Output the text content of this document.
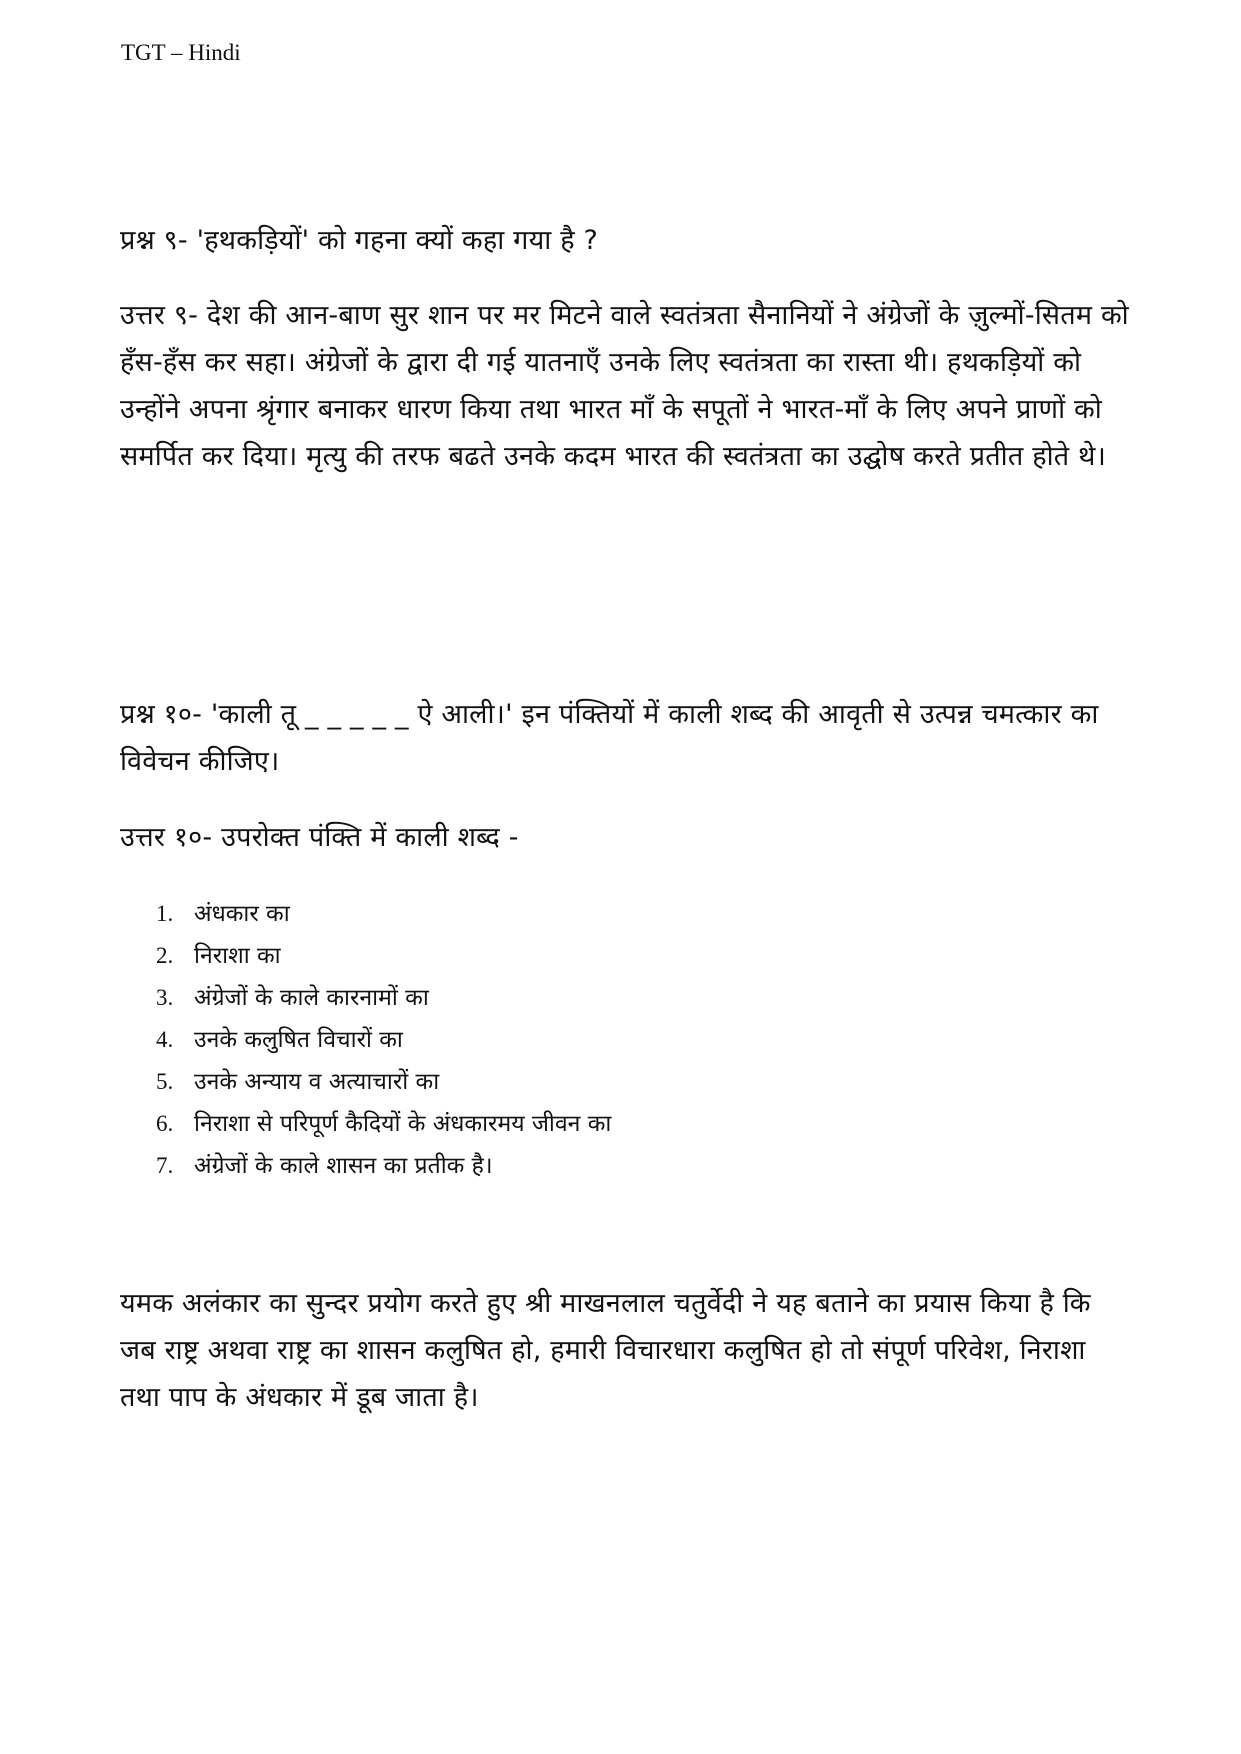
TGT – Hindi

प्रश्न ९- 'हथकड़ियों' को गहना क्यों कहा गया है ?

उत्तर ९- देश की आन-बाण सुर शान पर मर मिटने वाले स्वतंत्रता सैनानियों ने अंग्रेजों के ज़ुल्मों-सितम को हँस-हँस कर सहा। अंग्रेजों के द्वारा दी गई यातनाएँ उनके लिए स्वतंत्रता का रास्ता थी। हथकड़ियों को उन्होंने अपना श्रृंगार बनाकर धारण किया तथा भारत माँ के सपूतों ने भारत-माँ के लिए अपने प्राणों को समर्पित कर दिया। मृत्यु की तरफ बढते उनके कदम भारत की स्वतंत्रता का उद्घोष करते प्रतीत होते थे।

प्रश्न १०- 'काली तू _ _ _ _ _ ऐ आली।' इन पंक्तियों में काली शब्द की आवृती से उत्पन्न चमत्कार का विवेचन कीजिए।

उत्तर १०- उपरोक्त पंक्ति में काली शब्द -

1. अंधकार का
2. निराशा का
3. अंग्रेजों के काले कारनामों का
4. उनके कलुषित विचारों का
5. उनके अन्याय व अत्याचारों का
6. निराशा से परिपूर्ण कैदियों के अंधकारमय जीवन का
7. अंग्रेजों के काले शासन का प्रतीक है।

यमक अलंकार का सुन्दर प्रयोग करते हुए श्री माखनलाल चतुर्वेदी ने यह बताने का प्रयास किया है कि जब राष्ट्र अथवा राष्ट्र का शासन कलुषित हो, हमारी विचारधारा कलुषित हो तो संपूर्ण परिवेश, निराशा तथा पाप के अंधकार में डूब जाता है।
